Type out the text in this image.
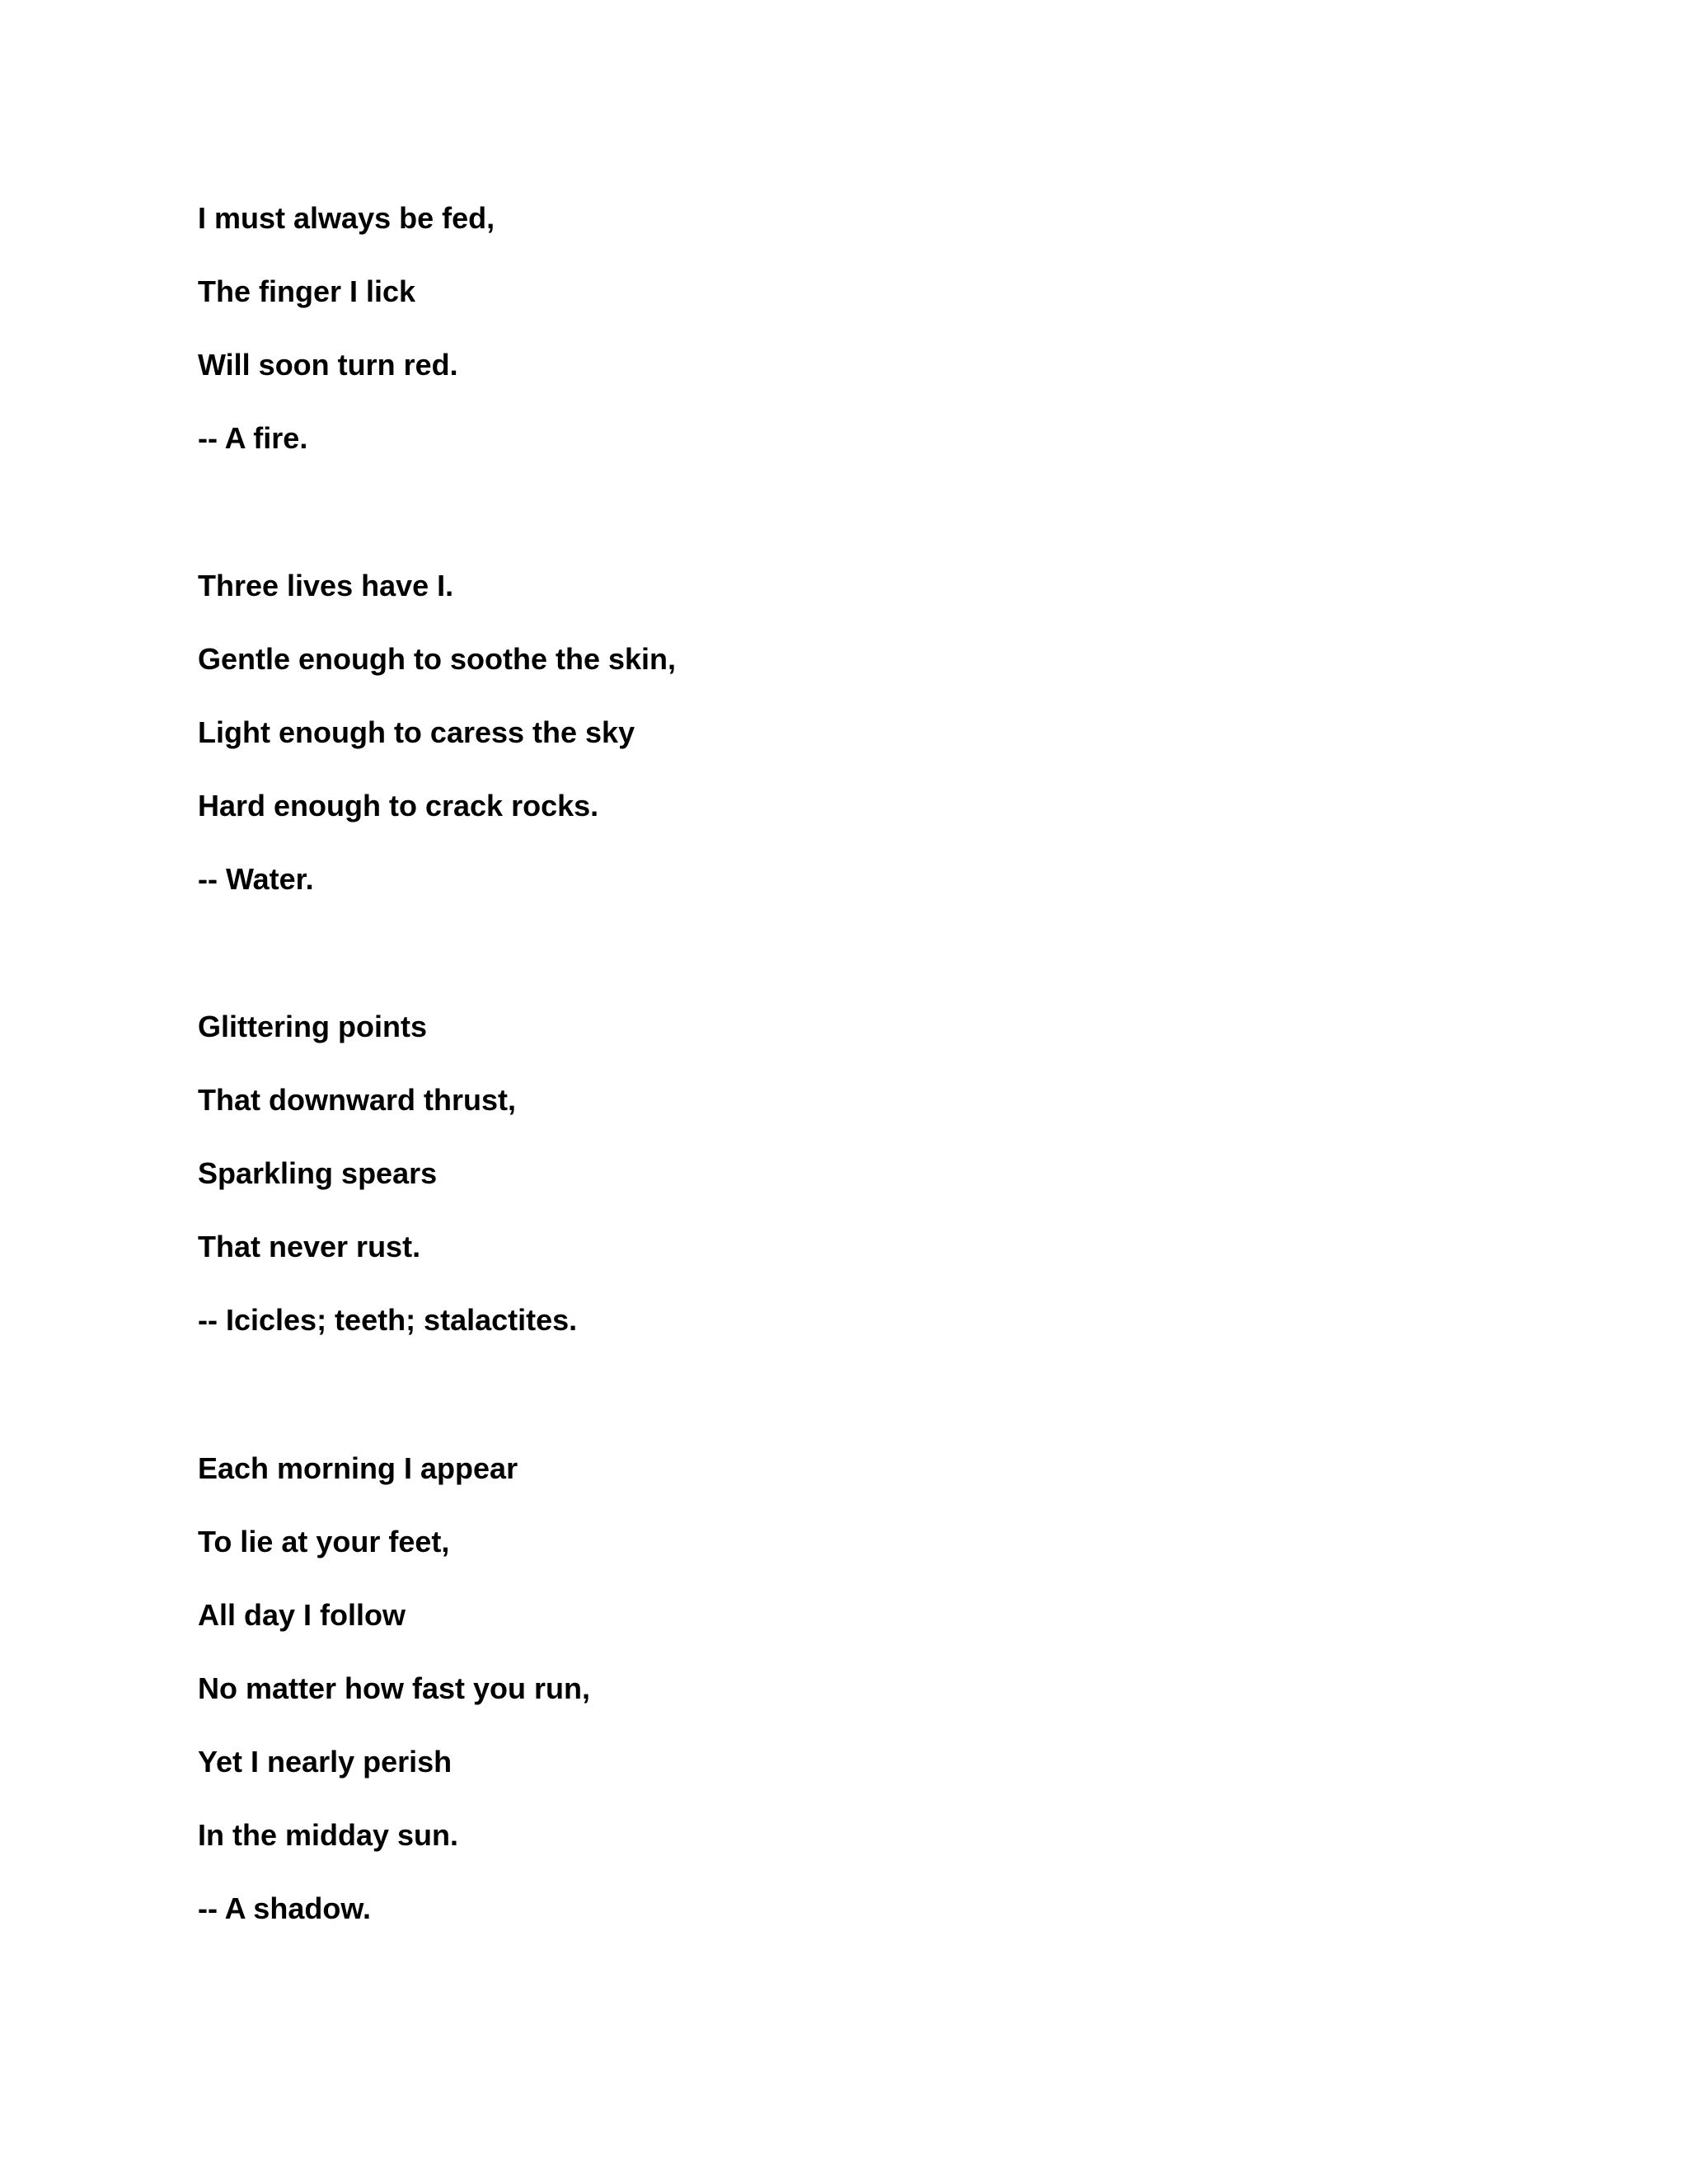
I must always be fed,

The finger I lick

Will soon turn red.

-- A fire.

Three lives have I.

Gentle enough to soothe the skin,

Light enough to caress the sky

Hard enough to crack rocks.

-- Water.

Glittering points

That downward thrust,

Sparkling spears

That never rust.

-- Icicles; teeth; stalactites.

Each morning I appear

To lie at your feet,

All day I follow

No matter how fast you run,

Yet I nearly perish

In the midday sun.

-- A shadow.
